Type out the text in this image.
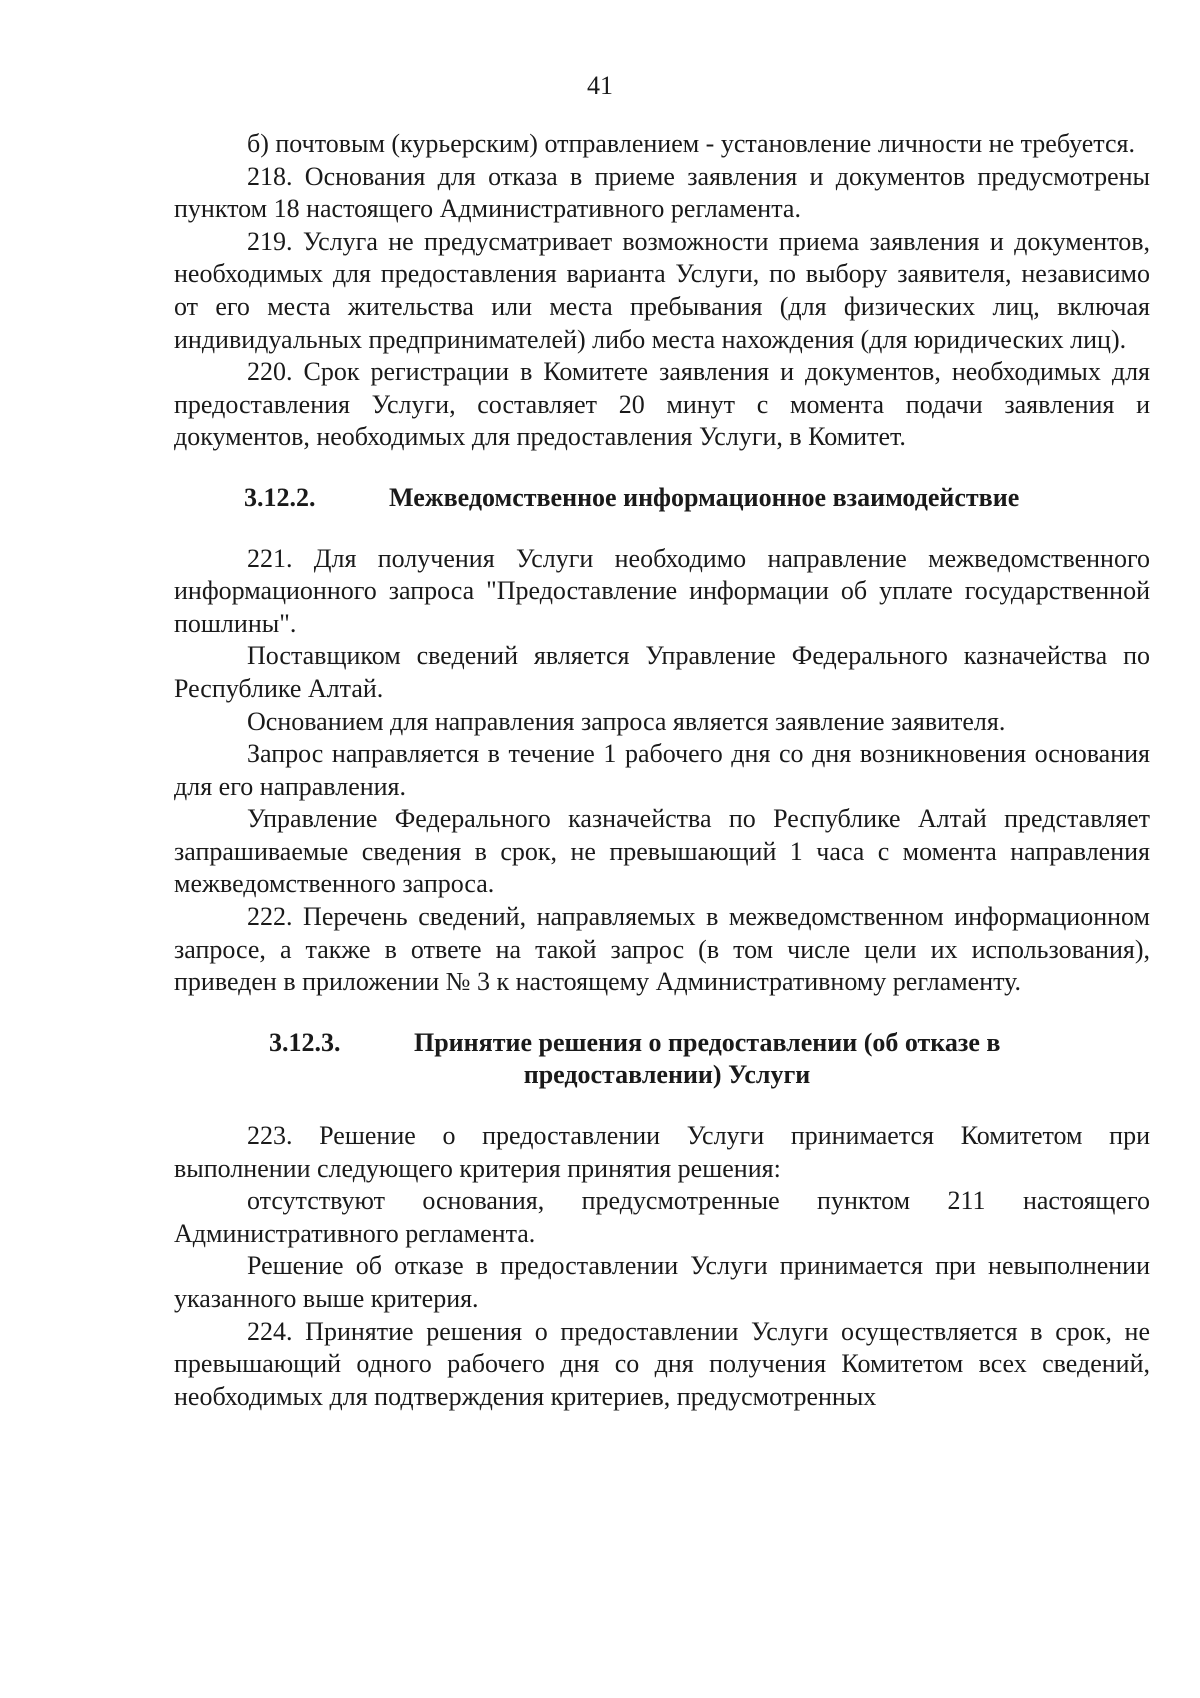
41

б) почтовым (курьерским) отправлением - установление личности не требуется.

218. Основания для отказа в приеме заявления и документов предусмотрены пунктом 18 настоящего Административного регламента.

219. Услуга не предусматривает возможности приема заявления и документов, необходимых для предоставления варианта Услуги, по выбору заявителя, независимо от его места жительства или места пребывания (для физических лиц, включая индивидуальных предпринимателей) либо места нахождения (для юридических лиц).

220. Срок регистрации в Комитете заявления и документов, необходимых для предоставления Услуги, составляет 20 минут с момента подачи заявления и документов, необходимых для предоставления Услуги, в Комитет.

3.12.2.	Межведомственное информационное взаимодействие

221. Для получения Услуги необходимо направление межведомственного информационного запроса "Предоставление информации об уплате государственной пошлины".

Поставщиком сведений является Управление Федерального казначейства по Республике Алтай.

Основанием для направления запроса является заявление заявителя.

Запрос направляется в течение 1 рабочего дня со дня возникновения основания для его направления.

Управление Федерального казначейства по Республике Алтай представляет запрашиваемые сведения в срок, не превышающий 1 часа с момента направления межведомственного запроса.

222. Перечень сведений, направляемых в межведомственном информационном запросе, а также в ответе на такой запрос (в том числе цели их использования), приведен в приложении № 3 к настоящему Административному регламенту.

3.12.3.	Принятие решения о предоставлении (об отказе в
предоставлении) Услуги

223. Решение о предоставлении Услуги принимается Комитетом при выполнении следующего критерия принятия решения:

отсутствуют основания, предусмотренные пунктом 211 настоящего Административного регламента.

Решение об отказе в предоставлении Услуги принимается при невыполнении указанного выше критерия.

224. Принятие решения о предоставлении Услуги осуществляется в срок, не превышающий одного рабочего дня со дня получения Комитетом всех сведений, необходимых для подтверждения критериев, предусмотренных
